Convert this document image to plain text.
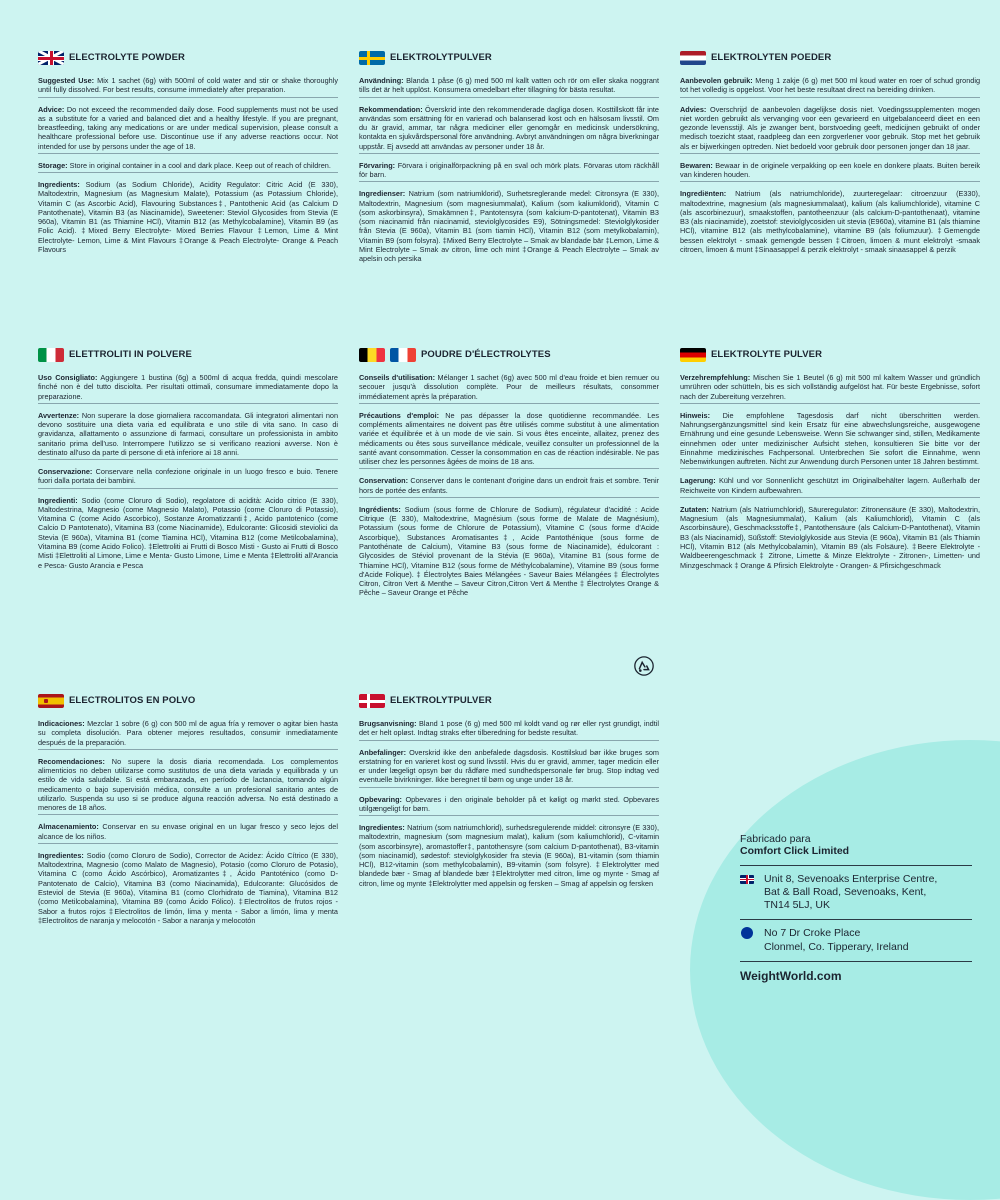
ELECTROLYTE POWDER
Suggested Use: Mix 1 sachet (6g) with 500ml of cold water and stir or shake thoroughly until fully dissolved. For best results, consume immediately after preparation.
Advice: Do not exceed the recommended daily dose. Food supplements must not be used as a substitute for a varied and balanced diet and a healthy lifestyle. If you are pregnant, breastfeeding, taking any medications or are under medical supervision, please consult a healthcare professional before use. Discontinue use if any adverse reactions occur. Not intended for use by persons under the age of 18.
Storage: Store in original container in a cool and dark place. Keep out of reach of children.
Ingredients: Sodium (as Sodium Chloride), Acidity Regulator: Citric Acid (E 330), Maltodextrin, Magnesium (as Magnesium Malate), Potassium (as Potassium Chloride), Vitamin C (as Ascorbic Acid), Flavouring Substances‡, Pantothenic Acid (as Calcium D Pantothenate), Vitamin B3 (as Niacinamide), Sweetener: Steviol Glycosides from Stevia (E 960a), Vitamin B1 (as Thiamine HCl), Vitamin B12 (as Methylcobalamine), Vitamin B9 (as Folic Acid). ‡Mixed Berry Electrolyte- Mixed Berries Flavour ‡Lemon, Lime & Mint Electrolyte- Lemon, Lime & Mint Flavours ‡Orange & Peach Electrolyte- Orange & Peach Flavours
ELEKTROLYTPULVER
Användning: Blanda 1 påse (6 g) med 500 ml kallt vatten och rör om eller skaka noggrant tills det är helt upplöst. Konsumera omedelbart efter tillagning för bästa resultat.
Rekommendation: Överskrid inte den rekommenderade dagliga dosen. Kosttillskott får inte användas som ersättning för en varierad och balanserad kost och en hälsosam livsstil. Om du är gravid, ammar, tar några mediciner eller genomgår en medicinsk undersökning, kontakta en sjukvårdspersonal före användning. Avbryt användningen om några biverkningar uppstår. Ej avsedd att användas av personer under 18 år.
Förvaring: Förvara i originalförpackning på en sval och mörk plats. Förvaras utom räckhåll för barn.
Ingredienser: Natrium (som natriumklorid), Surhetsreglerande medel: Citronsyra (E 330), Maltodextrin, Magnesium (som magnesiummalat), Kalium (som kaliumklorid), Vitamin C (som askorbinsyra), Smakämnen‡, Pantotensyra (som kalcium-D-pantotenat), Vitamin B3 (som niacinamid från niacinamid, steviolglycosides E9), Sötningsmedel: Steviolglykosider från Stevia (E 960a), Vitamin B1 (som tiamin HCl), Vitamin B12 (som metylkobalamin), Vitamin B9 (som folsyra). ‡Mixed Berry Electrolyte – Smak av blandade bär ‡Lemon, Lime & Mint Electrolyte – Smak av citron, lime och mint ‡Orange & Peach Electrolyte – Smak av apelsin och persika
ELEKTROLYTEN POEDER
Aanbevolen gebruik: Meng 1 zakje (6 g) met 500 ml koud water en roer of schud grondig tot het volledig is opgelost. Voor het beste resultaat direct na bereiding drinken.
Advies: Overschrijd de aanbevolen dagelijkse dosis niet. Voedingssupplementen mogen niet worden gebruikt als vervanging voor een gevarieerd en uitgebalanceerd dieet en een gezonde levensstijl. Als je zwanger bent, borstvoeding geeft, medicijnen gebruikt of onder medisch toezicht staat, raadpleeg dan een zorgverlener voor gebruik. Stop met het gebruik als er bijwerkingen optreden. Niet bedoeld voor gebruik door personen jonger dan 18 jaar.
Bewaren: Bewaar in de originele verpakking op een koele en donkere plaats. Buiten bereik van kinderen houden.
Ingrediënten: Natrium (als natriumchloride), zuurteregelaar: citroenzuur (E330), maltodextrine, magnesium (als magnesiummalaat), kalium (als kaliumchloride), vitamine C (als ascorbinezuur), smaakstoffen, pantotheenzuur (als calcium-D-pantothenaat), vitamine B3 (als niacinamide), zoetstof: steviolglycosiden uit stevia (E960a), vitamine B1 (als thiamine HCl), vitamine B12 (als methylcobalamine), vitamine B9 (als foliumzuur). ‡Gemengde bessen elektrolyt - smaak gemengde bessen ‡Citroen, limoen & munt elektrolyt -smaak citroen, limoen & munt ‡Sinaasappel & perzik elektrolyt - smaak sinaasappel & perzik
ELETTROLITI IN POLVERE
Uso Consigliato: Aggiungere 1 bustina (6g) a 500ml di acqua fredda, quindi mescolare finché non è del tutto disciolta. Per risultati ottimali, consumare immediatamente dopo la preparazione.
Avvertenze: Non superare la dose giornaliera raccomandata. Gli integratori alimentari non devono sostituire una dieta varia ed equilibrata e uno stile di vita sano. In caso di gravidanza, allattamento o assunzione di farmaci, consultare un professionista in ambito sanitario prima dell'uso. Interrompere l'utilizzo se si verificano reazioni avverse. Non è destinato all'uso da parte di persone di età inferiore ai 18 anni.
Conservazione: Conservare nella confezione originale in un luogo fresco e buio. Tenere fuori dalla portata dei bambini.
Ingredienti: Sodio (come Cloruro di Sodio), regolatore di acidità: Acido citrico (E 330), Maltodestrina, Magnesio (come Magnesio Malato), Potassio (come Cloruro di Potassio), Vitamina C (come Acido Ascorbico), Sostanze Aromatizzanti‡, Acido pantotenico (come Calcio D Pantotenato), Vitamina B3 (come Niacinamide), Edulcorante: Glicosidi steviolici da Stevia (E 960a), Vitamina B1 (come Tiamina HCl), Vitamina B12 (come Metilcobalamina), Vitamina B9 (come Acido Folico). ‡Elettroliti ai Frutti di Bosco Misti - Gusto ai Frutti di Bosco Misti ‡Elettroliti al Limone, Lime e Menta- Gusto Limone, Lime e Menta ‡Elettroliti all'Arancia e Pesca- Gusto Arancia e Pesca
POUDRE D'ÉLECTROLYTES
Conseils d'utilisation: Mélanger 1 sachet (6g) avec 500 ml d'eau froide et bien remuer ou secouer jusqu'à dissolution complète. Pour de meilleurs résultats, consommer immédiatement après la préparation.
Précautions d'emploi: Ne pas dépasser la dose quotidienne recommandée. Les compléments alimentaires ne doivent pas être utilisés comme substitut à une alimentation variée et équilibrée et à un mode de vie sain. Si vous êtes enceinte, allaitez, prenez des médicaments ou êtes sous surveillance médicale, veuillez consulter un professionnel de la santé avant consommation. Cesser la consommation en cas de réaction indésirable. Ne pas utiliser chez les personnes âgées de moins de 18 ans.
Conservation: Conserver dans le contenant d'origine dans un endroit frais et sombre. Tenir hors de portée des enfants.
Ingrédients: Sodium (sous forme de Chlorure de Sodium), régulateur d'acidité : Acide Citrique (E 330), Maltodextrine, Magnésium (sous forme de Malate de Magnésium), Potassium (sous forme de Chlorure de Potassium), Vitamine C (sous forme d'Acide Ascorbique), Substances Aromatisantes‡, Acide Pantothénique (sous forme de Pantothénate de Calcium), Vitamine B3 (sous forme de Niacinamide), édulcorant : Glycosides de Stéviol provenant de la Stévia (E 960a), Vitamine B1 (sous forme de Thiamine HCl), Vitamine B12 (sous forme de Méthylcobalamine), Vitamine B9 (sous forme d'Acide Folique). ‡ Électrolytes Baies Mélangées - Saveur Baies Mélangées ‡ Électrolytes Citron, Citron Vert & Menthe – Saveur Citron,Citron Vert & Menthe ‡ Électrolytes Orange & Pêche – Saveur Orange et Pêche
ELEKTROLYTE PULVER
Verzehrempfehlung: Mischen Sie 1 Beutel (6 g) mit 500 ml kaltem Wasser und gründlich umrühren oder schütteln, bis es sich vollständig aufgelöst hat. Für beste Ergebnisse, sofort nach der Zubereitung verzehren.
Hinweis: Die empfohlene Tagesdosis darf nicht überschritten werden. Nahrungsergänzungsmittel sind kein Ersatz für eine abwechslungsreiche, ausgewogene Ernährung und eine gesunde Lebensweise. Wenn Sie schwanger sind, stillen, Medikamente einnehmen oder unter medizinischer Aufsicht stehen, konsultieren Sie bitte vor der Einnahme medizinisches Fachpersonal. Unterbrechen Sie sofort die Einnahme, wenn Nebenwirkungen auftreten. Nicht zur Anwendung durch Personen unter 18 Jahren bestimmt.
Lagerung: Kühl und vor Sonnenlicht geschützt im Originalbehälter lagern. Außerhalb der Reichweite von Kindern aufbewahren.
Zutaten: Natrium (als Natriumchlorid), Säureregulator: Zitronensäure (E 330), Maltodextrin, Magnesium (als Magnesiummalat), Kalium (als Kaliumchlorid), Vitamin C (als Ascorbinsäure), Geschmacksstoffe‡, Pantothensäure (als Calcium-D-Pantothenat), Vitamin B3 (als Niacinamid), Süßstoff: Steviolglykoside aus Stevia (E 960a), Vitamin B1 (als Thiamin HCl), Vitamin B12 (als Methylcobalamin), Vitamin B9 (als Folsäure). ‡Beere Elektrolyte - Waldbeerengeschmack ‡ Zitrone, Limette & Minze Elektrolyte - Zitronen-, Limetten- und Minzgeschmack ‡ Orange & Pfirsich Elektrolyte - Orangen- & Pfirsichgeschmack
ELECTROLITOS EN POLVO
Indicaciones: Mezclar 1 sobre (6 g) con 500 ml de agua fría y remover o agitar bien hasta su completa disolución. Para obtener mejores resultados, consumir inmediatamente después de la preparación.
Recomendaciones: No supere la dosis diaria recomendada. Los complementos alimenticios no deben utilizarse como sustitutos de una dieta variada y equilibrada y un estilo de vida saludable. Si está embarazada, en período de lactancia, tomando algún medicamento o bajo supervisión médica, consulte a un profesional sanitario antes de utilizarlo. Suspenda su uso si se produce alguna reacción adversa. No está destinado a menores de 18 años.
Almacenamiento: Conservar en su envase original en un lugar fresco y seco lejos del alcance de los niños.
Ingredientes: Sodio (como Cloruro de Sodio), Corrector de Acidez: Ácido Cítrico (E 330), Maltodextrina, Magnesio (como Malato de Magnesio), Potasio (como Cloruro de Potasio), Vitamina C (como Ácido Ascórbico), Aromatizantes‡, Ácido Pantoténico (como D-Pantotenato de Calcio), Vitamina B3 (como Niacinamida), Edulcorante: Glucósidos de Esteviol de Stevia (E 960a), Vitamina B1 (como Clorhidrato de Tiamina), Vitamina B12 (como Metilcobalamina), Vitamina B9 (como Ácido Fólico). ‡Electrolitos de frutos rojos - Sabor a frutos rojos ‡Electrolitos de limón, lima y menta - Sabor a limón, lima y menta ‡Electrolitos de naranja y melocotón - Sabor a naranja y melocotón
ELEKTROLYTPULVER
Brugsanvisning: Bland 1 pose (6 g) med 500 ml koldt vand og rør eller ryst grundigt, indtil det er helt opløst. Indtag straks efter tilberedning for bedste resultat.
Anbefalinger: Overskrid ikke den anbefalede dagsdosis. Kosttilskud bør ikke bruges som erstatning for en varieret kost og sund livsstil. Hvis du er gravid, ammer, tager medicin eller er under lægeligt opsyn bør du rådføre med sundhedspersonale før brug. Stop indtag ved eventuelle bivirkninger. Ikke beregnet til børn og unge under 18 år.
Opbevaring: Opbevares i den originale beholder på et køligt og mørkt sted. Opbevares utilgængeligt for børn.
Ingredientes: Natrium (som natriumchlorid), surhedsregulerende middel: citronsyre (E 330), maltodextrin, magnesium (som magnesium malat), kalium (som kaliumchlorid), C-vitamin (som ascorbinsyre), aromastoffer‡, pantothensyre (som calcium D-pantothenat), B3-vitamin (som niacinamid), sødestof: steviolglykosider fra stevia (E 960a), B1-vitamin (som thiamin HCl), B12-vitamin (som methylcobalamin), B9-vitamin (som folsyre). ‡Elektrolytter med blandede bær - Smag af blandede bær ‡Elektrolytter med citron, lime og mynte - Smag af citron, lime og mynte ‡Elektrolytter med appelsin og fersken – Smag af appelsin og fersken
Fabricado para
Comfort Click Limited
Unit 8, Sevenoaks Enterprise Centre,
Bat & Ball Road, Sevenoaks, Kent,
TN14 5LJ, UK
No 7 Dr Croke Place
Clonmel, Co. Tipperary, Ireland
WeightWorld.com
